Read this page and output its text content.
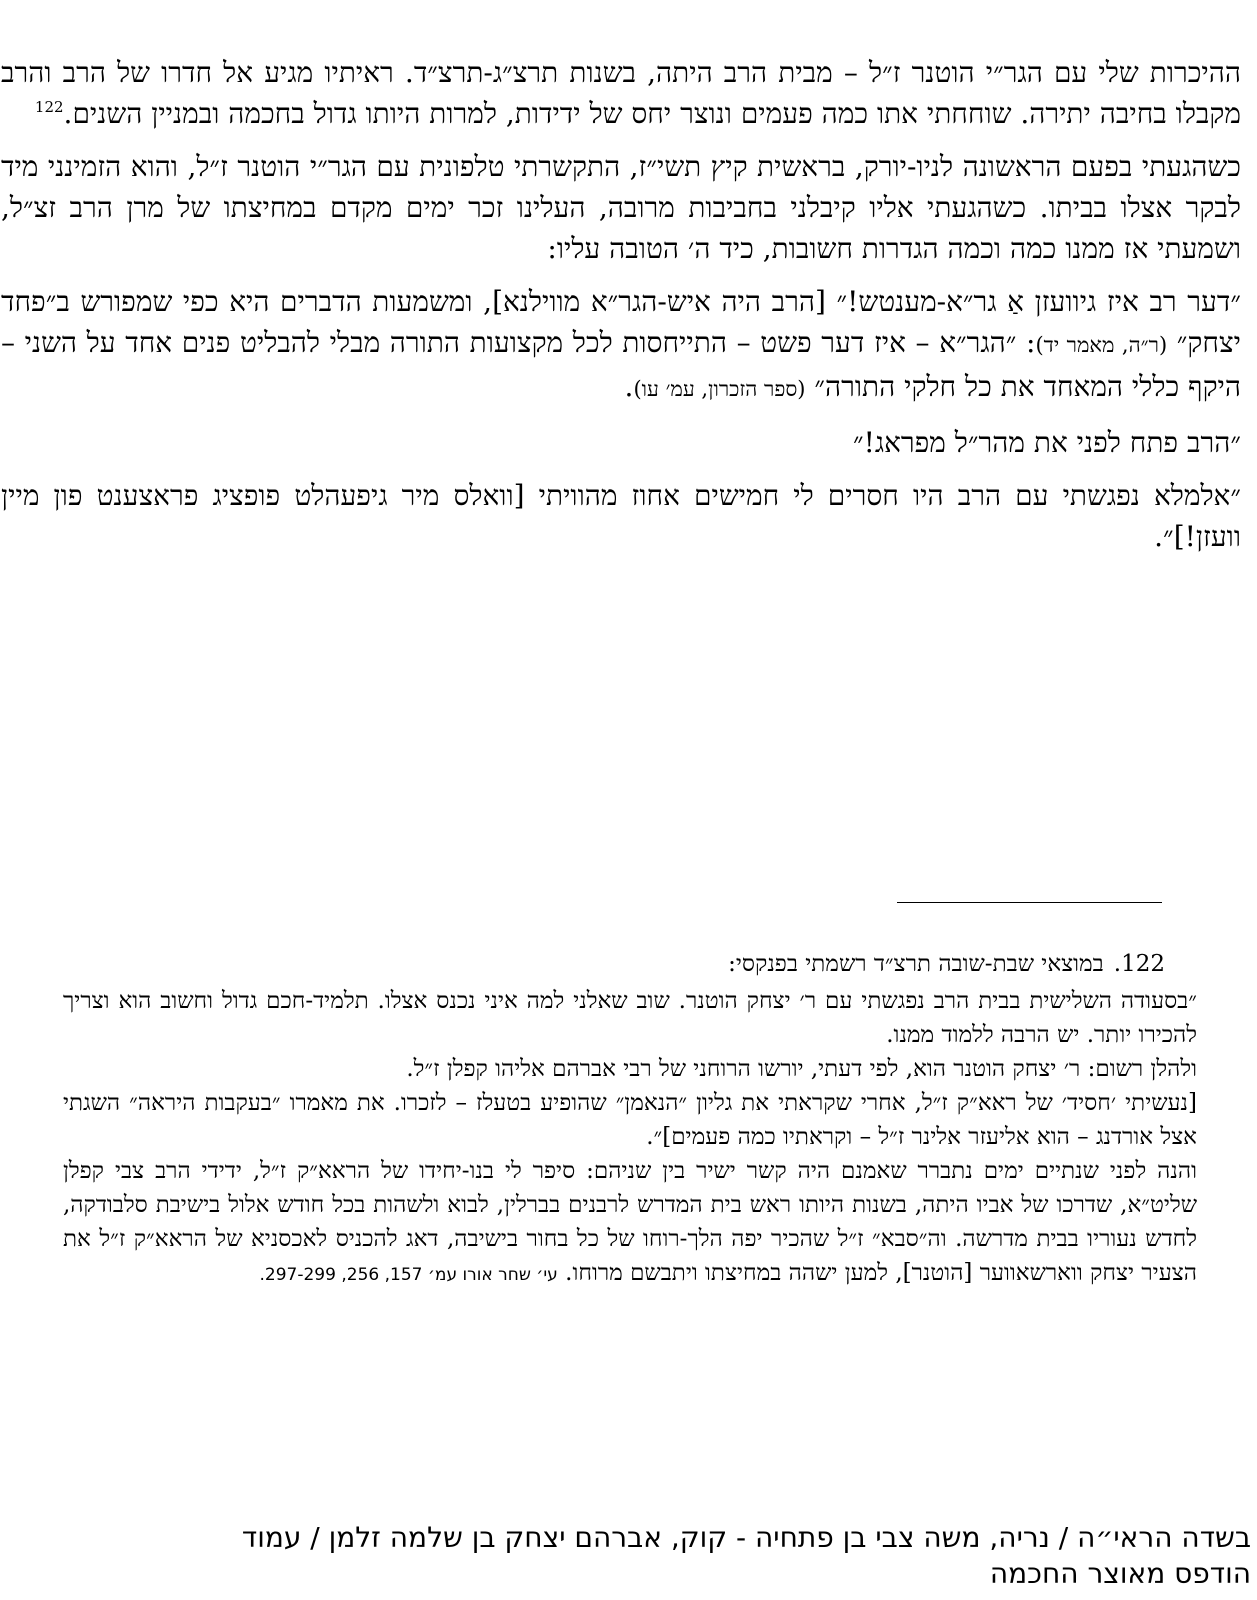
ההיכרות שלי עם הגר״י הוטנר ז״ל – מבית הרב היתה, בשנות תרצ״ג-תרצ״ד. ראיתיו מגיע אל חדרו של הרב והרב מקבלו בחיבה יתירה. שוחחתי אתו כמה פעמים ונוצר יחס של ידידות, למרות היותו גדול בחכמה ובמניין השנים.$^{122}$

כשהגעתי בפעם הראשונה לניו-יורק, בראשית קיץ תשי״ז, התקשרתי טלפונית עם הגר״י הוטנר ז״ל, והוא הזמינני מיד לבקר אצלו בביתו. כשהגעתי אליו קיבלני בחביבות מרובה, העלינו זכר ימים מקדם במחיצתו של מרן הרב זצ״ל, ושמעתי אז ממנו כמה וכמה הגדרות חשובות, כיד ה׳ הטובה עליו:

״דער רב איז גיוועזן אַ גר״א-מענטש!״ [הרב היה איש-הגר״א מווילנא], ומשמעות הדברים היא כפי שמפורש ב״פחד יצחק״ (ר״ה, מאמר יד): ״הגר״א – איז דער פשט – התייחסות לכל מקצועות התורה מבלי להבליט פנים אחד על השני – היקף כללי המאחד את כל חלקי התורה״ (ספר הזכרון, עמ׳ עו).

״הרב פתח לפני את מהר״ל מפראג!״

״אלמלא נפגשתי עם הרב היו חסרים לי חמישים אחוז מהוויתי [וואלס מיר גיפעהלט פופציג פראצענט פון מיין וועזן!]״.

122.במוצאי שבת-שובה תרצ״ד רשמתי בפנקסי:

״בסעודה השלישית בבית הרב נפגשתי עם ר׳ יצחק הוטנר. שוב שאלני למה איני נכנס אצלו. תלמיד-חכם גדול וחשוב הוא וצריך להכירו יותר. יש הרבה ללמוד ממנו.

ולהלן רשום: ר׳ יצחק הוטנר הוא, לפי דעתי, יורשו הרוחני של רבי אברהם אליהו קפלן ז״ל.

[נעשיתי ׳חסיד׳ של ראא״ק ז״ל, אחרי שקראתי את גליון ״הנאמן״ שהופיע בטעלז – לזכרו. את מאמרו ״בעקבות היראה״ השגתי אצל אורדנג – הוא אליעזר אלינר ז״ל – וקראתיו כמה פעמים]״.

והנה לפני שנתיים ימים נתברר שאמנם היה קשר ישיר בין שניהם: סיפר לי בנו-יחידו של הראא״ק ז״ל, ידידי הרב צבי קפלן שליט״א, שדרכו של אביו היתה, בשנות היותו ראש בית המדרש לרבנים בברלין, לבוא ולשהות בכל חודש אלול בישיבת סלבודקה, לחדש נעוריו בבית מדרשה. וה״סבא״ ז״ל שהכיר יפה הלך-רוחו של כל בחור בישיבה, דאג להכניס לאכסניא של הראא״ק ז״ל את הצעיר יצחק ווארשאווער [הוטנר], למען ישהה במחיצתו ויתבשם מרוחו. עי׳ שחר אורו עמ׳ 157, 256, 297-299.

בשדה הראי״ה / נריה, משה צבי בן פתחיה - קוק, אברהם יצחק בן שלמה זלמן / עמוד
הודפס מאוצר החכמה
